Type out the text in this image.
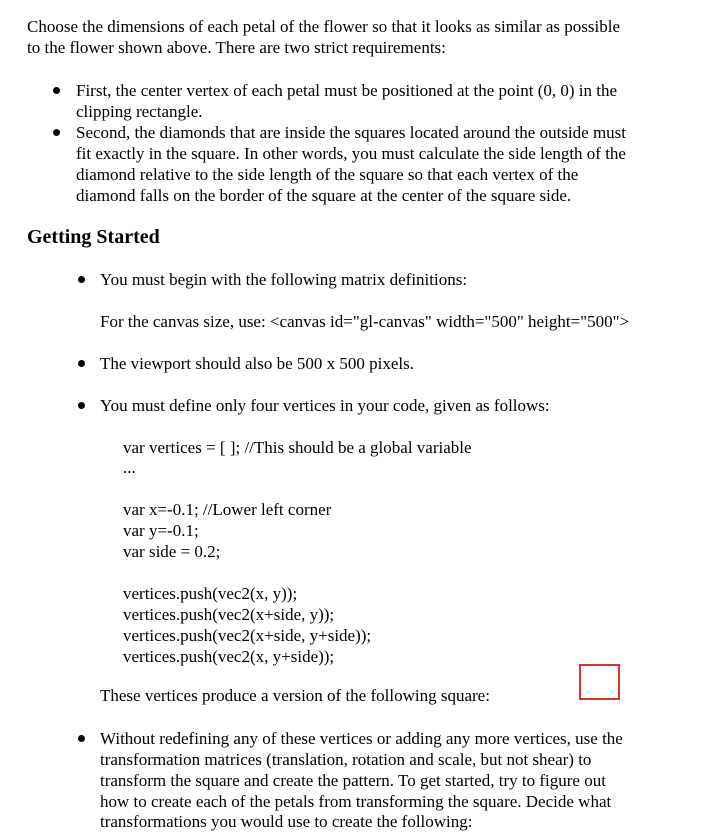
Choose the dimensions of each petal of the flower so that it looks as similar as possible
to the flower shown above. There are two strict requirements:
First, the center vertex of each petal must be positioned at the point (0, 0) in the
clipping rectangle.
Second, the diamonds that are inside the squares located around the outside must
fit exactly in the square. In other words, you must calculate the side length of the
diamond relative to the side length of the square so that each vertex of the
diamond falls on the border of the square at the center of the square side.
Getting Started
You must begin with the following matrix definitions:
For the canvas size, use: <canvas id="gl-canvas" width="500" height="500">
The viewport should also be 500 x 500 pixels.
You must define only four vertices in your code, given as follows:
var vertices = [ ]; //This should be a global variable
...
var x=-0.1; //Lower left corner
var y=-0.1;
var side = 0.2;
vertices.push(vec2(x, y));
vertices.push(vec2(x+side, y));
vertices.push(vec2(x+side, y+side));
vertices.push(vec2(x, y+side));
These vertices produce a version of the following square:
Without redefining any of these vertices or adding any more vertices, use the
transformation matrices (translation, rotation and scale, but not shear) to
transform the square and create the pattern. To get started, try to figure out
how to create each of the petals from transforming the square. Decide what
transformations you would use to create the following:
